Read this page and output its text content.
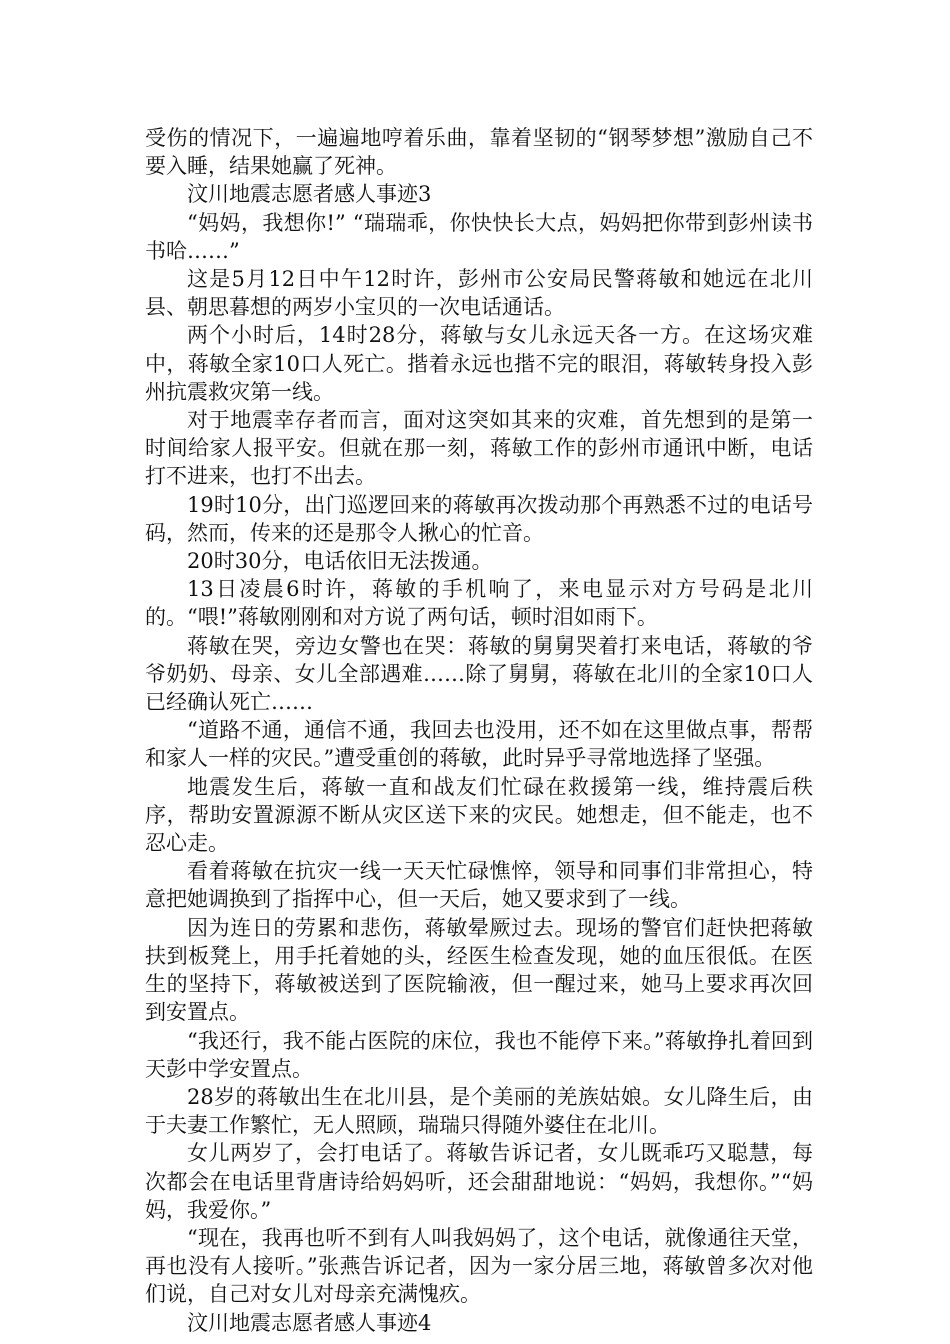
受伤的情况下，一遍遍地哼着乐曲，靠着坚韧的“钢琴梦想”激励自己不要入睡，结果她赢了死神。

汶川地震志愿者感人事迹3

“妈妈，我想你!” “瑞瑞乖，你快快长大点，妈妈把你带到彭州读书书哈……”

这是5月12日中午12时许，彭州市公安局民警蒋敏和她远在北川县、朝思暮想的两岁小宝贝的一次电话通话。

两个小时后，14时28分，蒋敏与女儿永远天各一方。在这场灾难中，蒋敏全家10口人死亡。揩着永远也揩不完的眼泪，蒋敏转身投入彭州抗震救灾第一线。

对于地震幸存者而言，面对这突如其来的灾难，首先想到的是第一时间给家人报平安。但就在那一刻，蒋敏工作的彭州市通讯中断，电话打不进来，也打不出去。

19时10分，出门巡逻回来的蒋敏再次拨动那个再熟悉不过的电话号码，然而，传来的还是那令人揪心的忙音。

20时30分，电话依旧无法拨通。

13日凌晨6时许，蒋敏的手机响了，来电显示对方号码是北川的。“喂!”蒋敏刚刚和对方说了两句话，顿时泪如雨下。

蒋敏在哭，旁边女警也在哭：蒋敏的舅舅哭着打来电话，蒋敏的爷爷奶奶、母亲、女儿全部遇难……除了舅舅，蒋敏在北川的全家10口人已经确认死亡……

“道路不通，通信不通，我回去也没用，还不如在这里做点事，帮帮和家人一样的灾民。”遭受重创的蒋敏，此时异乎寻常地选择了坚强。

地震发生后，蒋敏一直和战友们忙碌在救援第一线，维持震后秩序，帮助安置源源不断从灾区送下来的灾民。她想走，但不能走，也不忍心走。

看着蒋敏在抗灾一线一天天忙碌憔悴，领导和同事们非常担心，特意把她调换到了指挥中心，但一天后，她又要求到了一线。

因为连日的劳累和悲伤，蒋敏晕厥过去。现场的警官们赶快把蒋敏扶到板凳上，用手托着她的头，经医生检查发现，她的血压很低。在医生的坚持下，蒋敏被送到了医院输液，但一醒过来，她马上要求再次回到安置点。

“我还行，我不能占医院的床位，我也不能停下来。”蒋敏挣扎着回到天彭中学安置点。

28岁的蒋敏出生在北川县，是个美丽的羌族姑娘。女儿降生后，由于夫妻工作繁忙，无人照顾，瑞瑞只得随外婆住在北川。

女儿两岁了，会打电话了。蒋敏告诉记者，女儿既乖巧又聪慧，每次都会在电话里背唐诗给妈妈听，还会甜甜地说：“妈妈，我想你。”“妈妈，我爱你。”

“现在，我再也听不到有人叫我妈妈了，这个电话，就像通往天堂，再也没有人接听。”张燕告诉记者，因为一家分居三地，蒋敏曾多次对他们说，自己对女儿对母亲充满愧疚。

汶川地震志愿者感人事迹4
